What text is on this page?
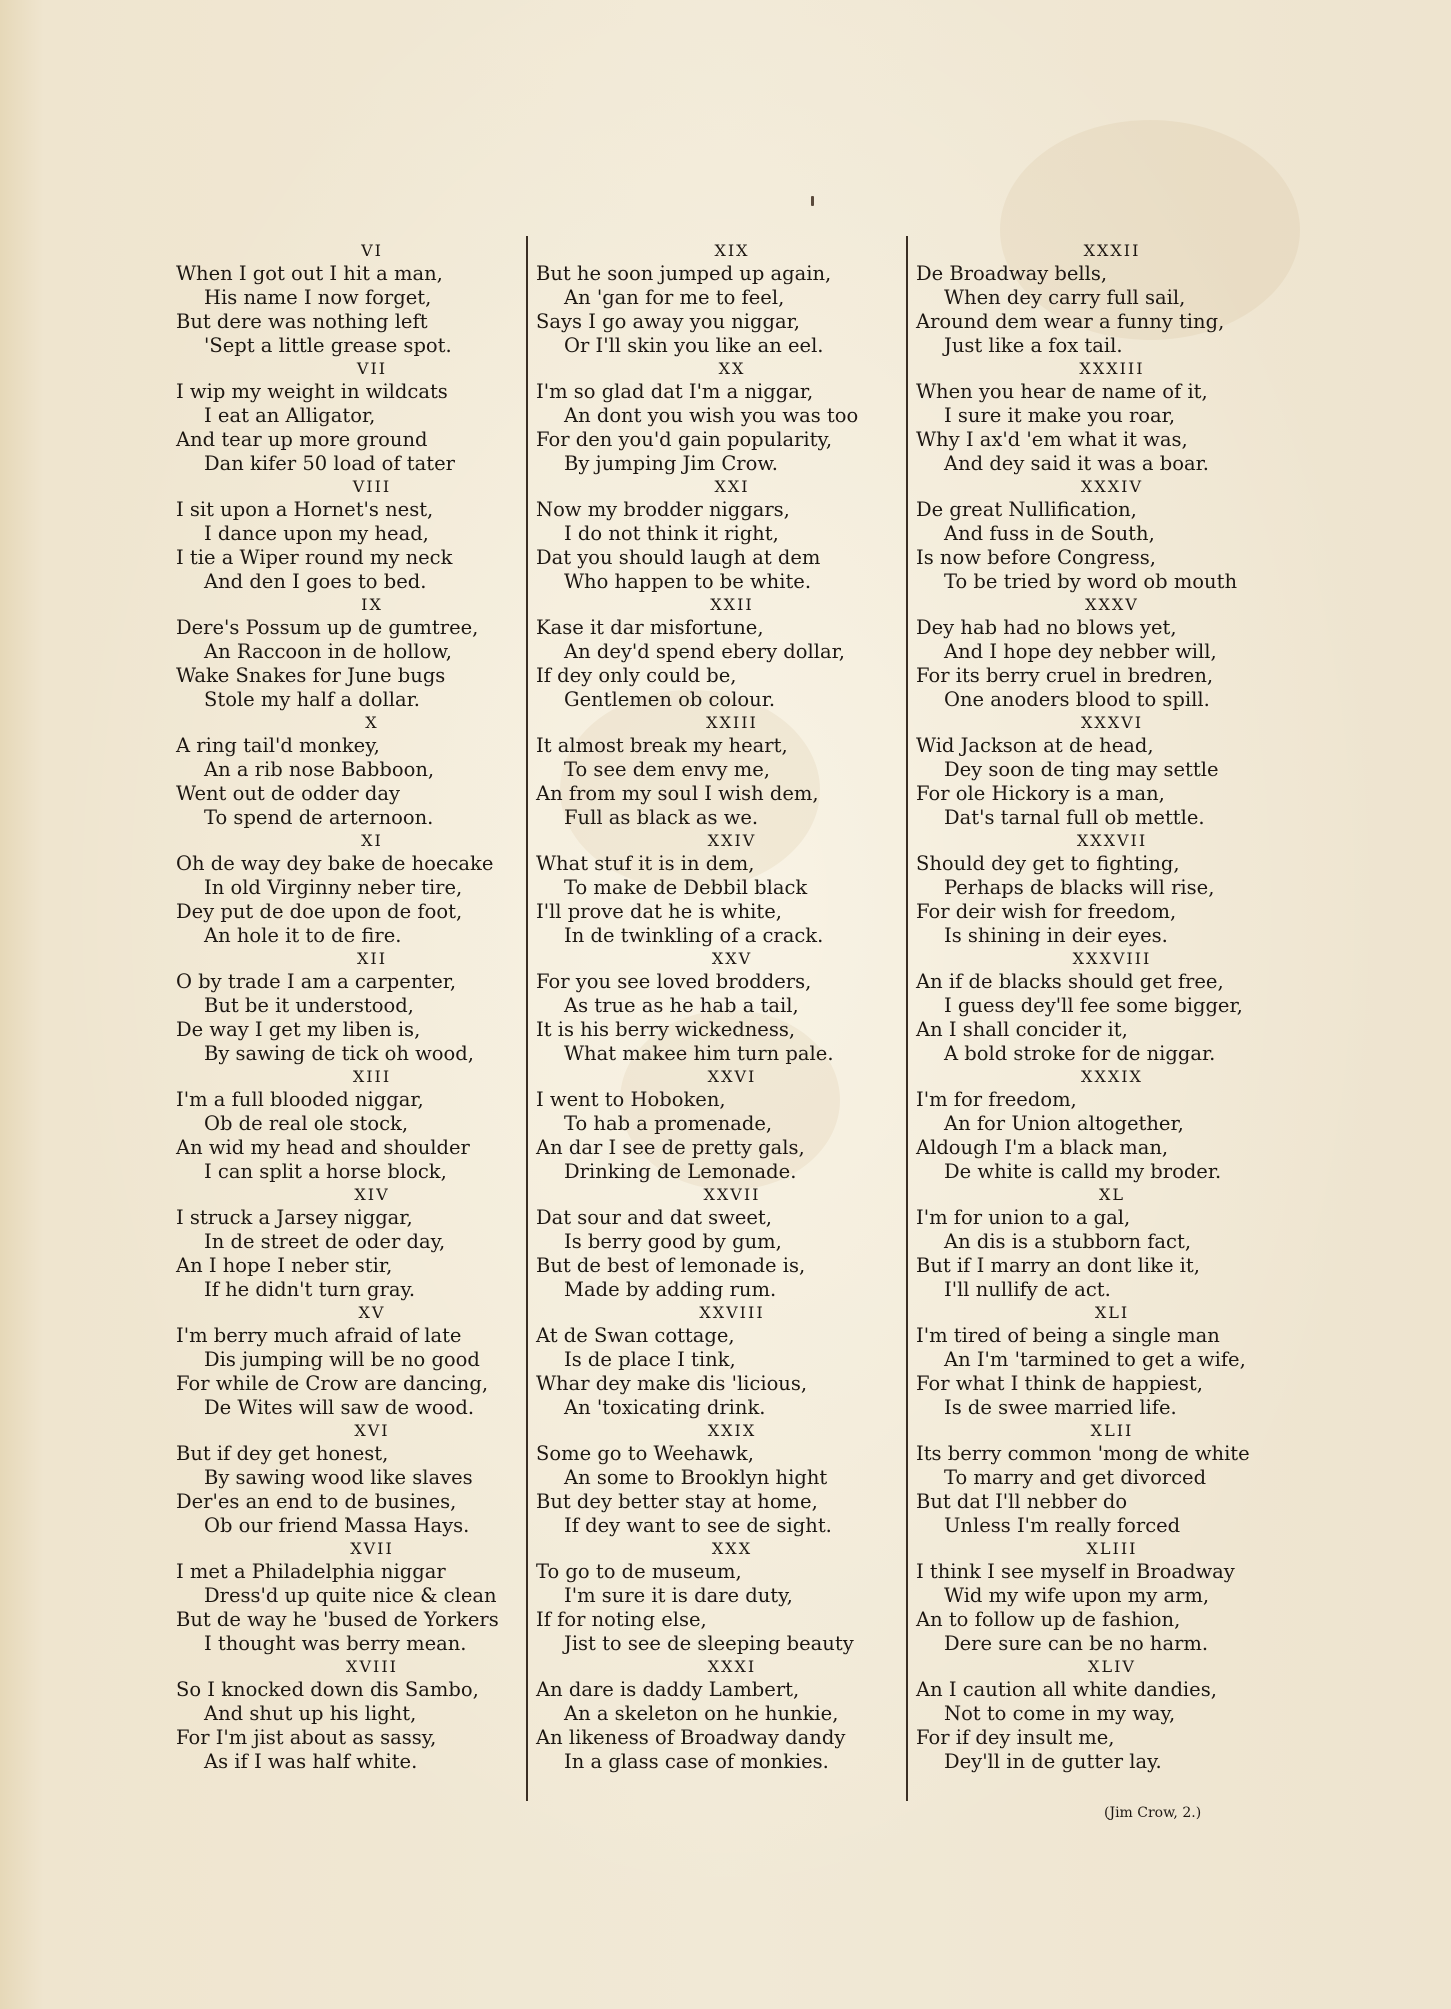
VI
When I got out I hit a man,
His name I now forget,
But dere was nothing left
'Sept a little grease spot.
VII
I wip my weight in wildcats
I eat an Alligator,
And tear up more ground
Dan kifer 50 load of tater
VIII
I sit upon a Hornet's nest,
I dance upon my head,
I tie a Wiper round my neck
And den I goes to bed.
IX
Dere's Possum up de gumtree,
An Raccoon in de hollow,
Wake Snakes for June bugs
Stole my half a dollar.
X
A ring tail'd monkey,
An a rib nose Babboon,
Went out de odder day
To spend de arternoon.
XI
Oh de way dey bake de hoecake
In old Virginny neber tire,
Dey put de doe upon de foot,
An hole it to de fire.
XII
O by trade I am a carpenter,
But be it understood,
De way I get my liben is,
By sawing de tick oh wood,
XIII
I'm a full blooded niggar,
Ob de real ole stock,
An wid my head and shoulder
I can split a horse block,
XIV
I struck a Jarsey niggar,
In de street de oder day,
An I hope I neber stir,
If he didn't turn gray.
XV
I'm berry much afraid of late
Dis jumping will be no good
For while de Crow are dancing,
De Wites will saw de wood.
XVI
But if dey get honest,
By sawing wood like slaves
Der'es an end to de busines,
Ob our friend Massa Hays.
XVII
I met a Philadelphia niggar
Dress'd up quite nice & clean
But de way he 'bused de Yorkers
I thought was berry mean.
XVIII
So I knocked down dis Sambo,
And shut up his light,
For I'm jist about as sassy,
As if I was half white.
XIX
But he soon jumped up again,
An 'gan for me to feel,
Says I go away you niggar,
Or I'll skin you like an eel.
XX
I'm so glad dat I'm a niggar,
An dont you wish you was too
For den you'd gain popularity,
By jumping Jim Crow.
XXI
Now my brodder niggars,
I do not think it right,
Dat you should laugh at dem
Who happen to be white.
XXII
Kase it dar misfortune,
An dey'd spend ebery dollar,
If dey only could be,
Gentlemen ob colour.
XXIII
It almost break my heart,
To see dem envy me,
An from my soul I wish dem,
Full as black as we.
XXIV
What stuf it is in dem,
To make de Debbil black
I'll prove dat he is white,
In de twinkling of a crack.
XXV
For you see loved brodders,
As true as he hab a tail,
It is his berry wickedness,
What makee him turn pale.
XXVI
I went to Hoboken,
To hab a promenade,
An dar I see de pretty gals,
Drinking de Lemonade.
XXVII
Dat sour and dat sweet,
Is berry good by gum,
But de best of lemonade is,
Made by adding rum.
XXVIII
At de Swan cottage,
Is de place I tink,
Whar dey make dis 'licious,
An 'toxicating drink.
XXIX
Some go to Weehawk,
An some to Brooklyn hight
But dey better stay at home,
If dey want to see de sight.
XXX
To go to de museum,
I'm sure it is dare duty,
If for noting else,
Jist to see de sleeping beauty
XXXI
An dare is daddy Lambert,
An a skeleton on he hunkie,
An likeness of Broadway dandy
In a glass case of monkies.
XXXII
De Broadway bells,
When dey carry full sail,
Around dem wear a funny ting,
Just like a fox tail.
XXXIII
When you hear de name of it,
I sure it make you roar,
Why I ax'd 'em what it was,
And dey said it was a boar.
XXXIV
De great Nullification,
And fuss in de South,
Is now before Congress,
To be tried by word ob mouth
XXXV
Dey hab had no blows yet,
And I hope dey nebber will,
For its berry cruel in bredren,
One anoders blood to spill.
XXXVI
Wid Jackson at de head,
Dey soon de ting may settle
For ole Hickory is a man,
Dat's tarnal full ob mettle.
XXXVII
Should dey get to fighting,
Perhaps de blacks will rise,
For deir wish for freedom,
Is shining in deir eyes.
XXXVIII
An if de blacks should get free,
I guess dey'll fee some bigger,
An I shall concider it,
A bold stroke for de niggar.
XXXIX
I'm for freedom,
An for Union altogether,
Aldough I'm a black man,
De white is calld my broder.
XL
I'm for union to a gal,
An dis is a stubborn fact,
But if I marry an dont like it,
I'll nullify de act.
XLI
I'm tired of being a single man
An I'm 'tarmined to get a wife,
For what I think de happiest,
Is de swee married life.
XLII
Its berry common 'mong de white
To marry and get divorced
But dat I'll nebber do
Unless I'm really forced
XLIII
I think I see myself in Broadway
Wid my wife upon my arm,
An to follow up de fashion,
Dere sure can be no harm.
XLIV
An I caution all white dandies,
Not to come in my way,
For if dey insult me,
Dey'll in de gutter lay.
(Jim Crow, 2.)
